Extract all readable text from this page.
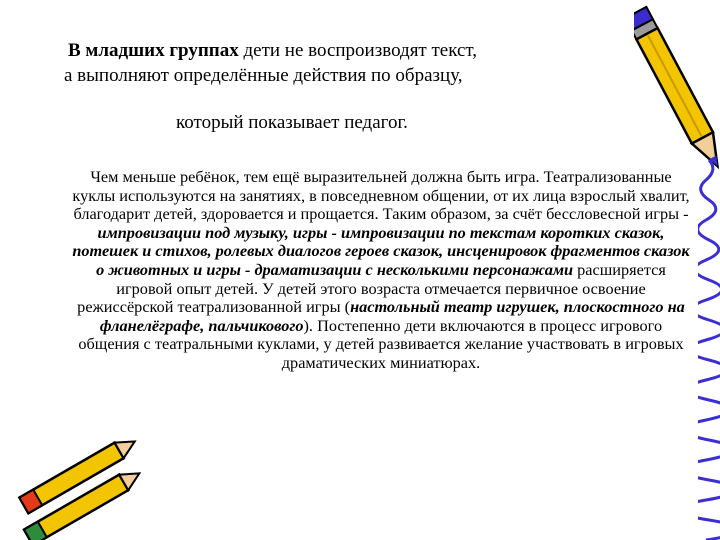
В младших группах дети не воспроизводят текст,
а выполняют определённые действия по образцу,
который показывает педагог.
Чем меньше ребёнок, тем ещё выразительней должна быть игра. Театрализованные куклы используются на занятиях, в повседневном общении, от их лица взрослый хвалит, благодарит детей, здоровается и прощается. Таким образом, за счёт бессловесной игры - импровизации под музыку, игры - импровизации по текстам коротких сказок, потешек и стихов, ролевых диалогов героев сказок, инсценировок фрагментов сказок о животных и игры - драматизации с несколькими персонажами расширяется игровой опыт детей. У детей этого возраста отмечается первичное освоение режиссёрской театрализованной игры (настольный театр игрушек, плоскостного на фланелёграфе, пальчикового). Постепенно дети включаются в процесс игрового общения с театральными куклами, у детей развивается желание участвовать в игровых драматических миниатюрах.
